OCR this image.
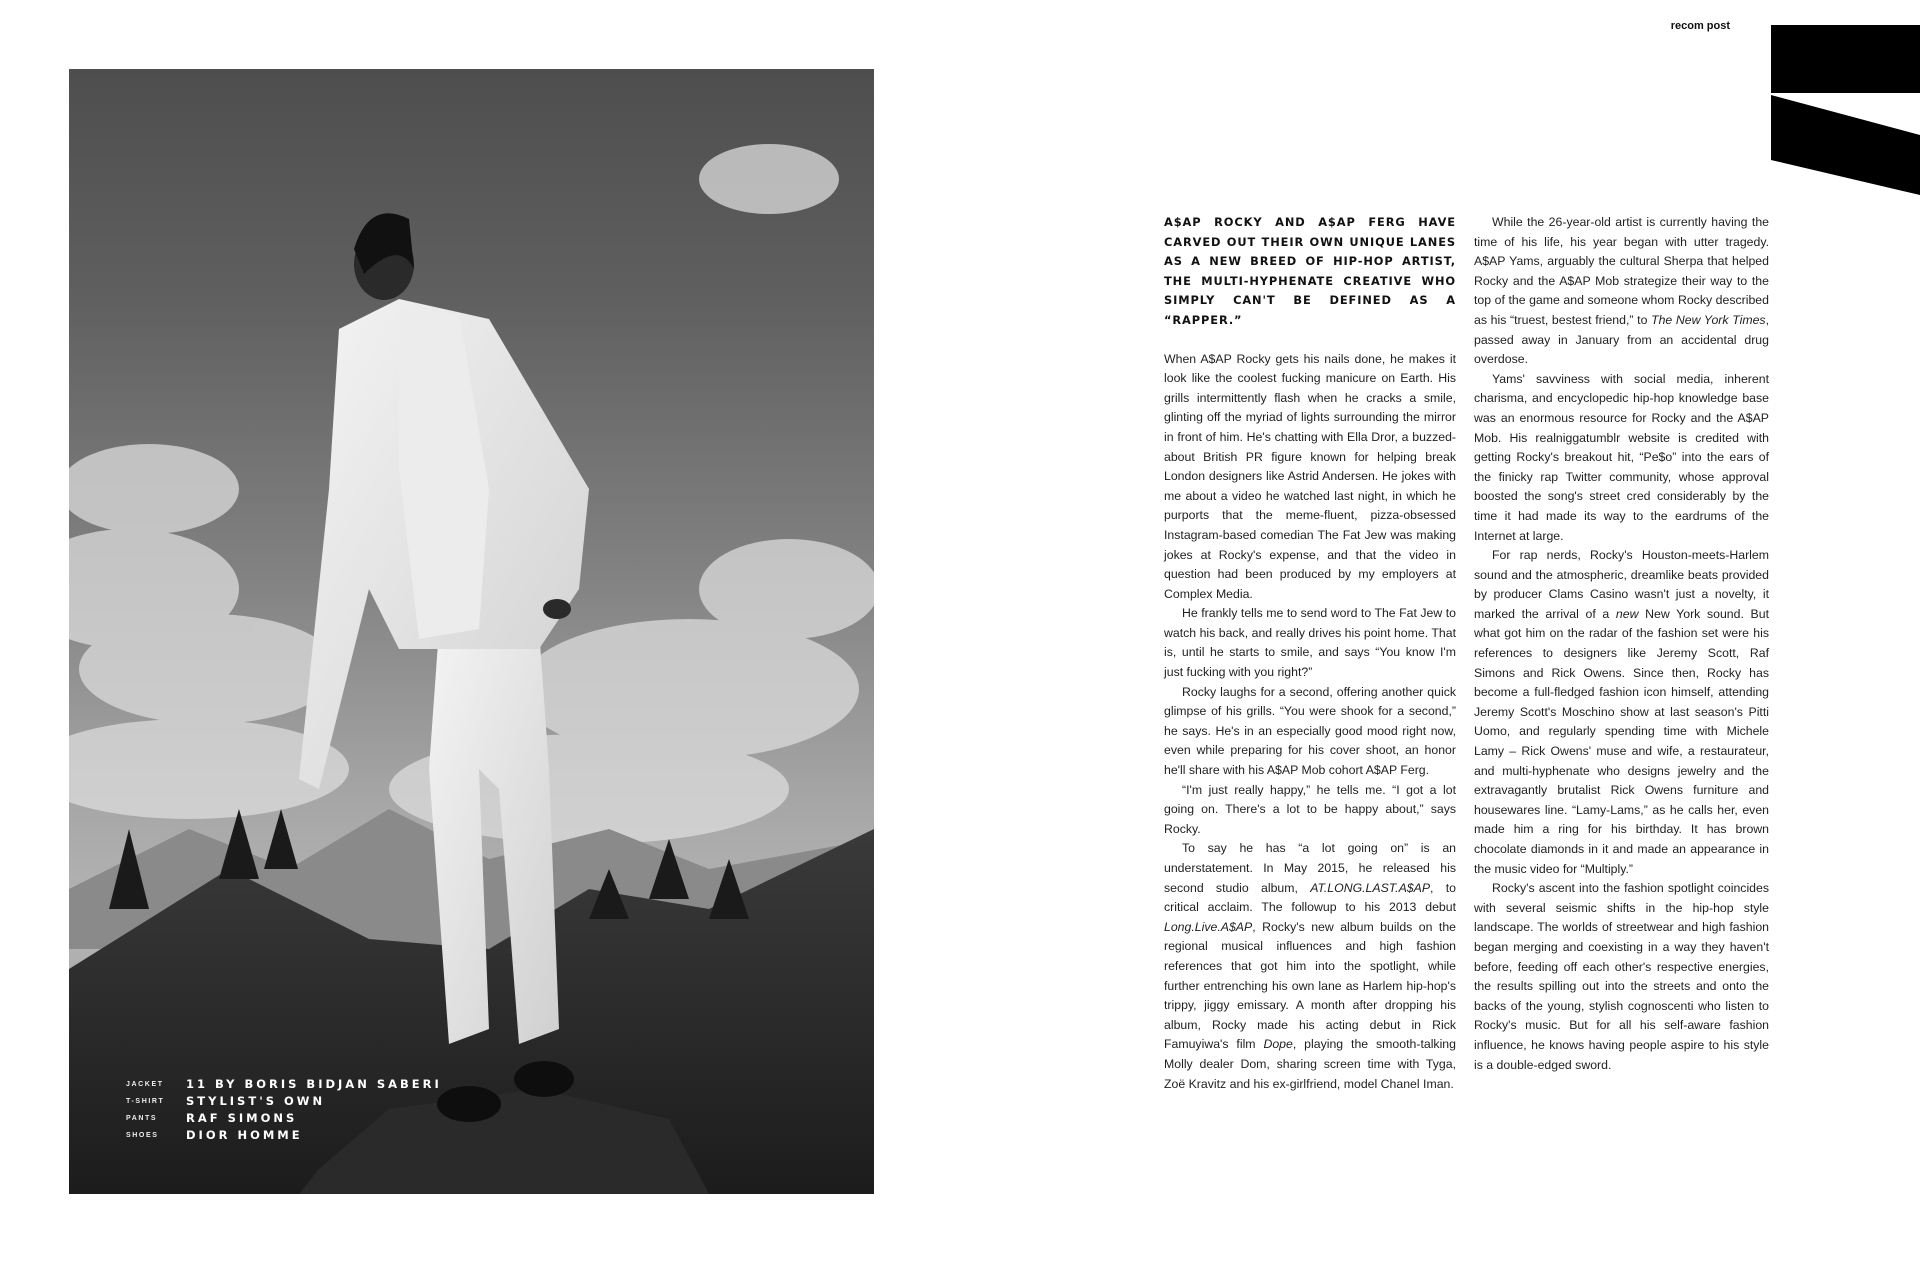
JACKET	11 BY BORIS BIDJAN SABERI
T-SHIRT	STYLIST'S OWN
PANTS	RAF SIMONS
SHOES	DIOR HOMME
recom post
A$AP ROCKY AND A$AP FERG HAVE CARVED OUT THEIR OWN UNIQUE LANES AS A NEW BREED OF HIP-HOP ARTIST, THE MULTI-HYPHENATE CREATIVE WHO SIMPLY CAN'T BE DEFINED AS A “RAPPER.”

When A$AP Rocky gets his nails done, he makes it look like the coolest fucking manicure on Earth. His grills intermittently flash when he cracks a smile, glinting off the myriad of lights surrounding the mirror in front of him. He's chatting with Ella Dror, a buzzed-about British PR figure known for helping break London designers like Astrid Andersen. He jokes with me about a video he watched last night, in which he purports that the meme-fluent, pizza-obsessed Instagram-based comedian The Fat Jew was making jokes at Rocky's expense, and that the video in question had been produced by my employers at Complex Media.

He frankly tells me to send word to The Fat Jew to watch his back, and really drives his point home. That is, until he starts to smile, and says “You know I'm just fucking with you right?”

Rocky laughs for a second, offering another quick glimpse of his grills. “You were shook for a second,” he says. He's in an especially good mood right now, even while preparing for his cover shoot, an honor he'll share with his A$AP Mob cohort A$AP Ferg.

“I'm just really happy,” he tells me. “I got a lot going on. There's a lot to be happy about,” says Rocky.

To say he has “a lot going on” is an understatement. In May 2015, he released his second studio album, AT.LONG.LAST.A$AP, to critical acclaim. The followup to his 2013 debut Long.Live.A$AP, Rocky's new album builds on the regional musical influences and high fashion references that got him into the spotlight, while further entrenching his own lane as Harlem hip-hop's trippy, jiggy emissary. A month after dropping his album, Rocky made his acting debut in Rick Famuyiwa's film Dope, playing the smooth-talking Molly dealer Dom, sharing screen time with Tyga, Zoë Kravitz and his ex-girlfriend, model Chanel Iman.

While the 26-year-old artist is currently having the time of his life, his year began with utter tragedy. A$AP Yams, arguably the cultural Sherpa that helped Rocky and the A$AP Mob strategize their way to the top of the game and someone whom Rocky described as his “truest, bestest friend,” to The New York Times, passed away in January from an accidental drug overdose.

Yams' savviness with social media, inherent charisma, and encyclopedic hip-hop knowledge base was an enormous resource for Rocky and the A$AP Mob. His realniggatumblr website is credited with getting Rocky's breakout hit, “Pe$o” into the ears of the finicky rap Twitter community, whose approval boosted the song's street cred considerably by the time it had made its way to the eardrums of the Internet at large.

For rap nerds, Rocky's Houston-meets-Harlem sound and the atmospheric, dreamlike beats provided by producer Clams Casino wasn't just a novelty, it marked the arrival of a new New York sound. But what got him on the radar of the fashion set were his references to designers like Jeremy Scott, Raf Simons and Rick Owens. Since then, Rocky has become a full-fledged fashion icon himself, attending Jeremy Scott's Moschino show at last season's Pitti Uomo, and regularly spending time with Michele Lamy – Rick Owens' muse and wife, a restaurateur, and multi-hyphenate who designs jewelry and the extravagantly brutalist Rick Owens furniture and housewares line. “Lamy-Lams,” as he calls her, even made him a ring for his birthday. It has brown chocolate diamonds in it and made an appearance in the music video for “Multiply.”

Rocky's ascent into the fashion spotlight coincides with several seismic shifts in the hip-hop style landscape. The worlds of streetwear and high fashion began merging and coexisting in a way they haven't before, feeding off each other's respective energies, the results spilling out into the streets and onto the backs of the young, stylish cognoscenti who listen to Rocky's music. But for all his self-aware fashion influence, he knows having people aspire to his style is a double-edged sword.
